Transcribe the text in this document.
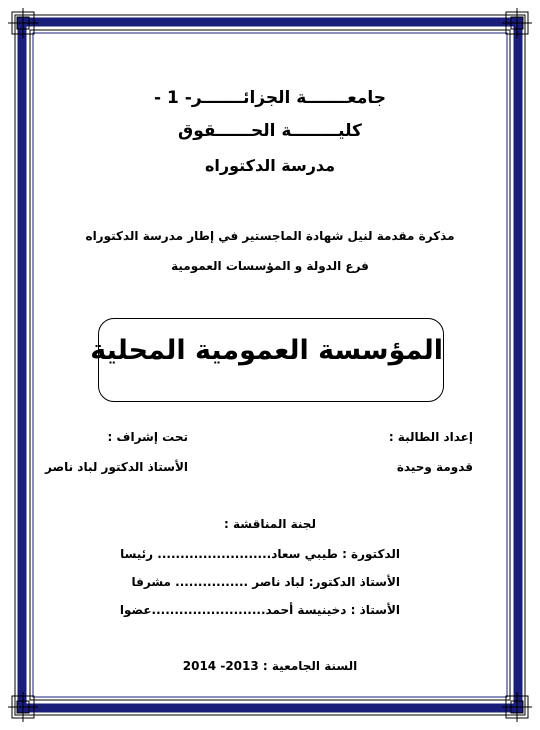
جامعـــــــة الجزائـــــــر- 1 -
كليــــــــة الحــــــقوق
مدرسة الدكتوراه
مذكرة مقدمة لنيل شهادة الماجستير في إطار مدرسة الدكتوراه
فرع الدولة و المؤسسات العمومية
المؤسسة العمومية المحلية
إعداد الطالبة :
قدومة وحيدة
تحت إشراف :
الأستاذ الدكتور لباد ناصر
لجنة المناقشة :
الدكتورة : طيبي سعاد......................... رئيسا
الأستاذ الدكتور: لباد ناصر ................ مشرفا
الأستاذ : دخينيسة أحمد.........................عضوا
السنة الجامعية : 2013- 2014
